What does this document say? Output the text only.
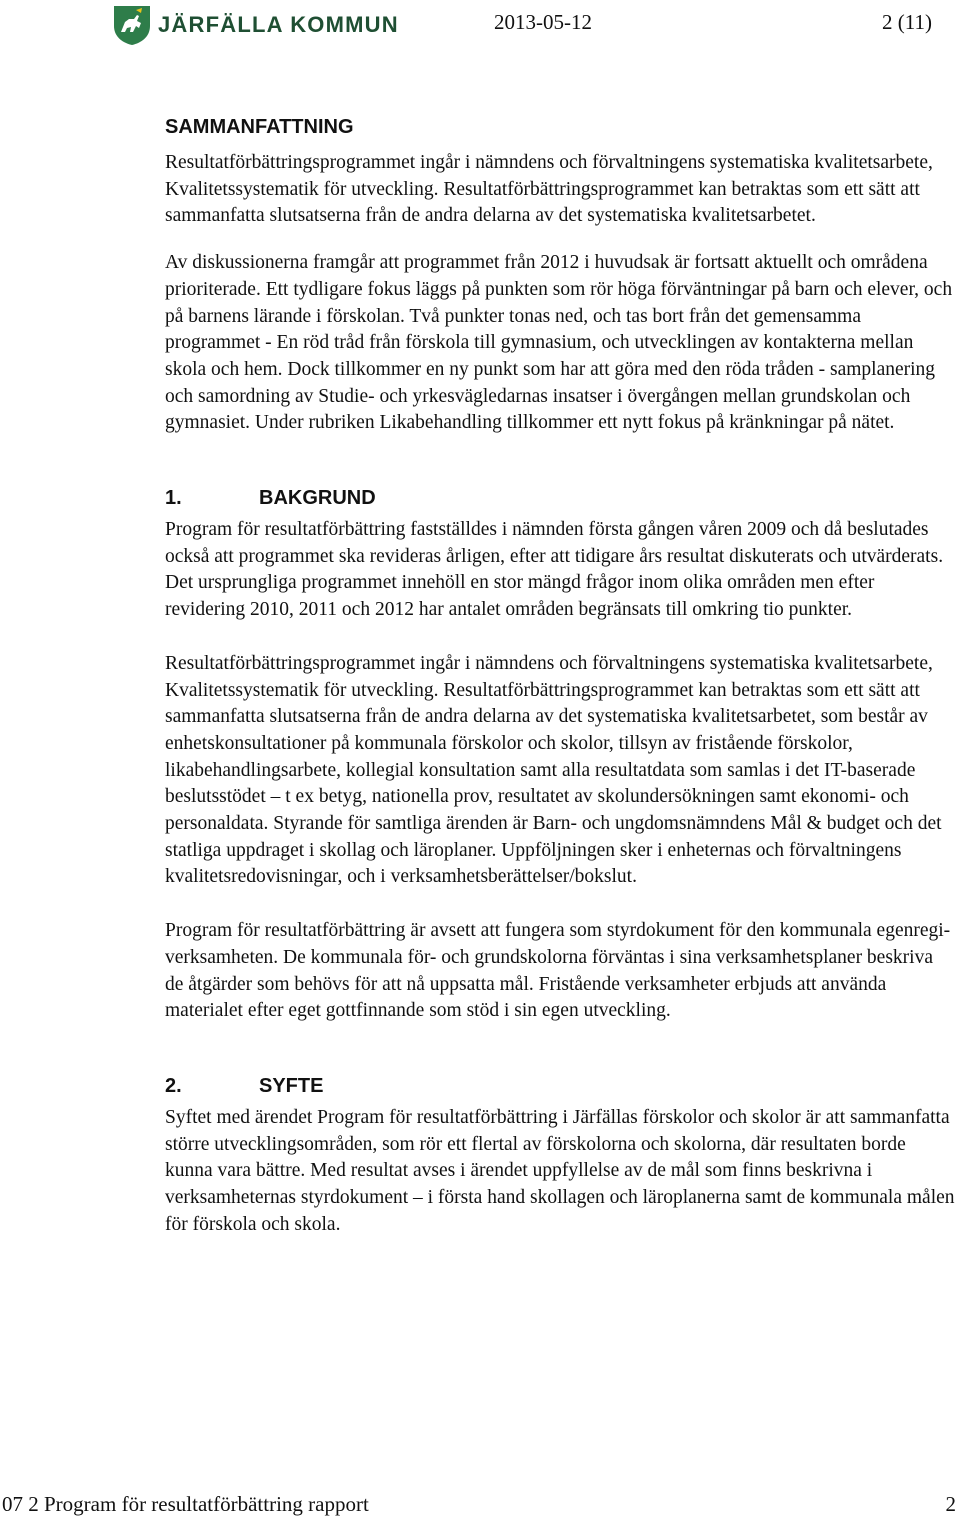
JÄRFÄLLA KOMMUN	2013-05-12	2 (11)
SAMMANFATTNING

Resultatförbättringsprogrammet ingår i nämndens och förvaltningens systematiska kvalitetsarbete, Kvalitetssystematik för utveckling. Resultatförbättringsprogrammet kan betraktas som ett sätt att sammanfatta slutsatserna från de andra delarna av det systematiska kvalitetsarbetet.

Av diskussionerna framgår att programmet från 2012 i huvudsak är fortsatt aktuellt och områdena prioriterade. Ett tydligare fokus läggs på punkten som rör höga förväntningar på barn och elever, och på barnens lärande i förskolan. Två punkter tonas ned, och tas bort från det gemensamma programmet - En röd tråd från förskola till gymnasium, och utvecklingen av kontakterna mellan skola och hem. Dock tillkommer en ny punkt som har att göra med den röda tråden - samplanering och samordning av Studie- och yrkesvägledarnas insatser i övergången mellan grundskolan och gymnasiet. Under rubriken Likabehandling tillkommer ett nytt fokus på kränkningar på nätet.

1.	BAKGRUND

Program för resultatförbättring fastställdes i nämnden första gången våren 2009 och då beslutades också att programmet ska revideras årligen, efter att tidigare års resultat diskuterats och utvärderats. Det ursprungliga programmet innehöll en stor mängd frågor inom olika områden men efter revidering 2010, 2011 och 2012 har antalet områden begränsats till omkring tio punkter.

Resultatförbättringsprogrammet ingår i nämndens och förvaltningens systematiska kvalitetsarbete, Kvalitetssystematik för utveckling. Resultatförbättringsprogrammet kan betraktas som ett sätt att sammanfatta slutsatserna från de andra delarna av det systematiska kvalitetsarbetet, som består av enhetskonsultationer på kommunala förskolor och skolor, tillsyn av fristående förskolor, likabehandlingsarbete, kollegial konsultation samt alla resultatdata som samlas i det IT-baserade beslutsstödet – t ex betyg, nationella prov, resultatet av skolundersökningen samt ekonomi- och personaldata. Styrande för samtliga ärenden är Barn- och ungdomsnämndens Mål & budget och det statliga uppdraget i skollag och läroplaner. Uppföljningen sker i enheternas och förvaltningens kvalitetsredovisningar, och i verksamhetsberättelser/bokslut.

Program för resultatförbättring är avsett att fungera som styrdokument för den kommunala egenregi-verksamheten. De kommunala för- och grundskolorna förväntas i sina verksamhetsplaner beskriva de åtgärder som behövs för att nå uppsatta mål. Fristående verksamheter erbjuds att använda materialet efter eget gottfinnande som stöd i sin egen utveckling.

2.	SYFTE

Syftet med ärendet Program för resultatförbättring i Järfällas förskolor och skolor är att sammanfatta större utvecklingsområden, som rör ett flertal av förskolorna och skolorna, där resultaten borde kunna vara bättre. Med resultat avses i ärendet uppfyllelse av de mål som finns beskrivna i verksamheternas styrdokument – i första hand skollagen och läroplanerna samt de kommunala målen för förskola och skola.

07 2 Program för resultatförbättring rapport	2
